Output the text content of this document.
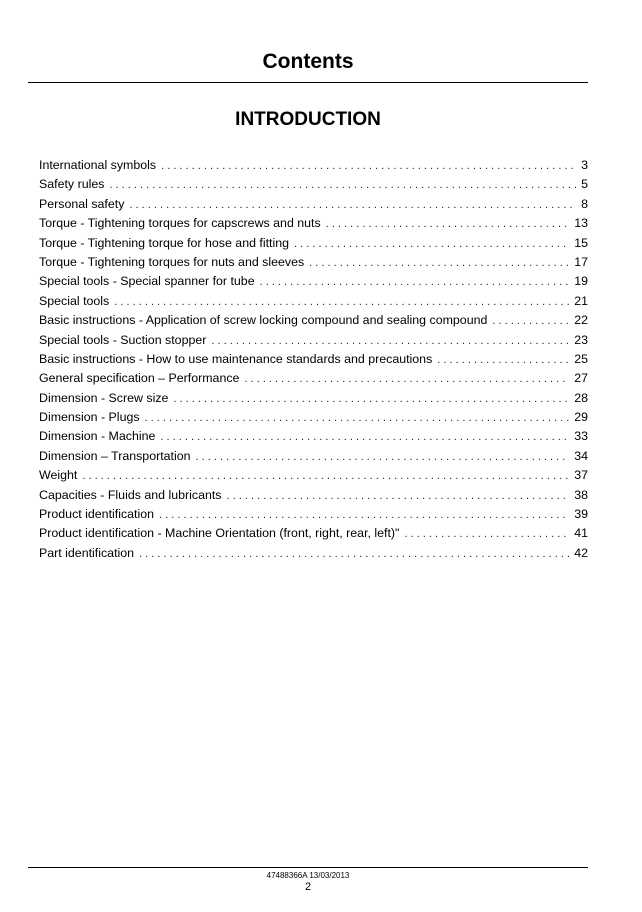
Contents
INTRODUCTION
International symbols . . .	3
Safety rules . . .	5
Personal safety . . .	8
Torque - Tightening torques for capscrews and nuts . . .	13
Torque - Tightening torque for hose and fitting . . .	15
Torque - Tightening torques for nuts and sleeves . . .	17
Special tools - Special spanner for tube . . .	19
Special tools . . .	21
Basic instructions - Application of screw locking compound and sealing compound . . .	22
Special tools - Suction stopper . . .	23
Basic instructions - How to use maintenance standards and precautions . . .	25
General specification – Performance . . .	27
Dimension - Screw size . . .	28
Dimension - Plugs . . .	29
Dimension - Machine . . .	33
Dimension – Transportation . . .	34
Weight . . .	37
Capacities - Fluids and lubricants . . .	38
Product identification . . .	39
Product identification - Machine Orientation (front, right, rear, left)" . . .	41
Part identification . . .	42
47488366A 13/03/2013
2
